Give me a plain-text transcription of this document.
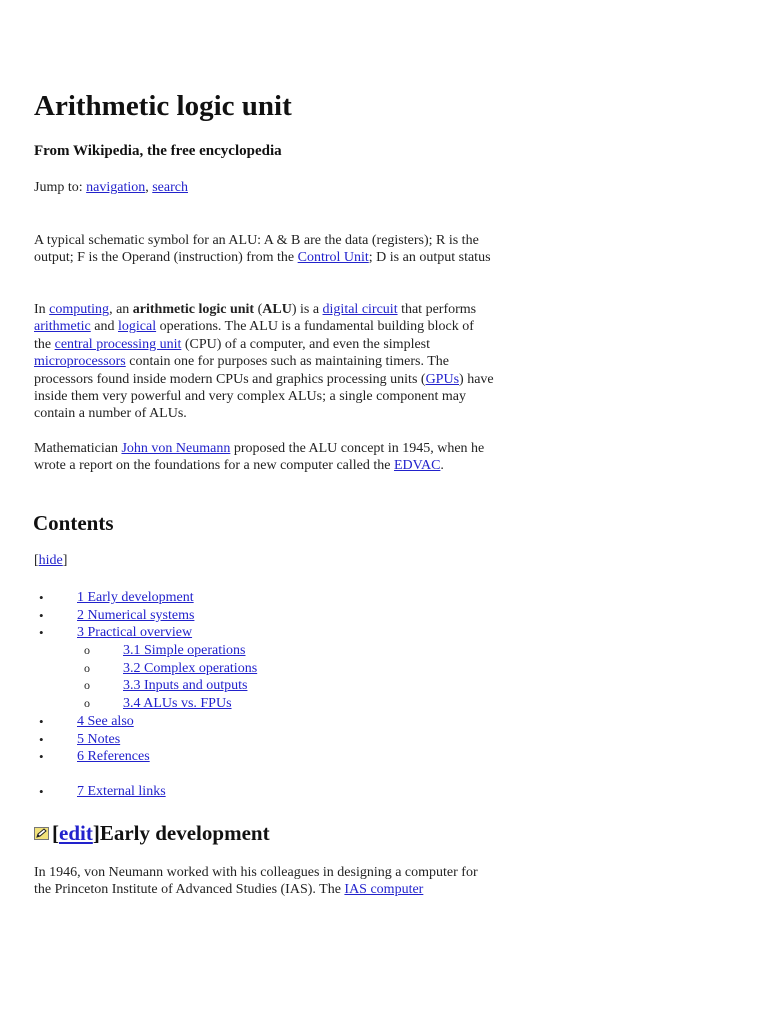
Arithmetic logic unit
From Wikipedia, the free encyclopedia
Jump to: navigation, search

A typical schematic symbol for an ALU: A & B are the data (registers); R is the output; F is the Operand (instruction) from the Control Unit; D is an output status

In computing, an arithmetic logic unit (ALU) is a digital circuit that performs arithmetic and logical operations. The ALU is a fundamental building block of the central processing unit (CPU) of a computer, and even the simplest microprocessors contain one for purposes such as maintaining timers. The processors found inside modern CPUs and graphics processing units (GPUs) have inside them very powerful and very complex ALUs; a single component may contain a number of ALUs.

Mathematician John von Neumann proposed the ALU concept in 1945, when he wrote a report on the foundations for a new computer called the EDVAC.

Contents
[hide]
• 1 Early development
• 2 Numerical systems
• 3 Practical overview
o 3.1 Simple operations
o 3.2 Complex operations
o 3.3 Inputs and outputs
o 3.4 ALUs vs. FPUs
• 4 See also
• 5 Notes
• 6 References
• 7 External links
[ edit ] Early development

In 1946, von Neumann worked with his colleagues in designing a computer for the Princeton Institute of Advanced Studies (IAS). The IAS computer
